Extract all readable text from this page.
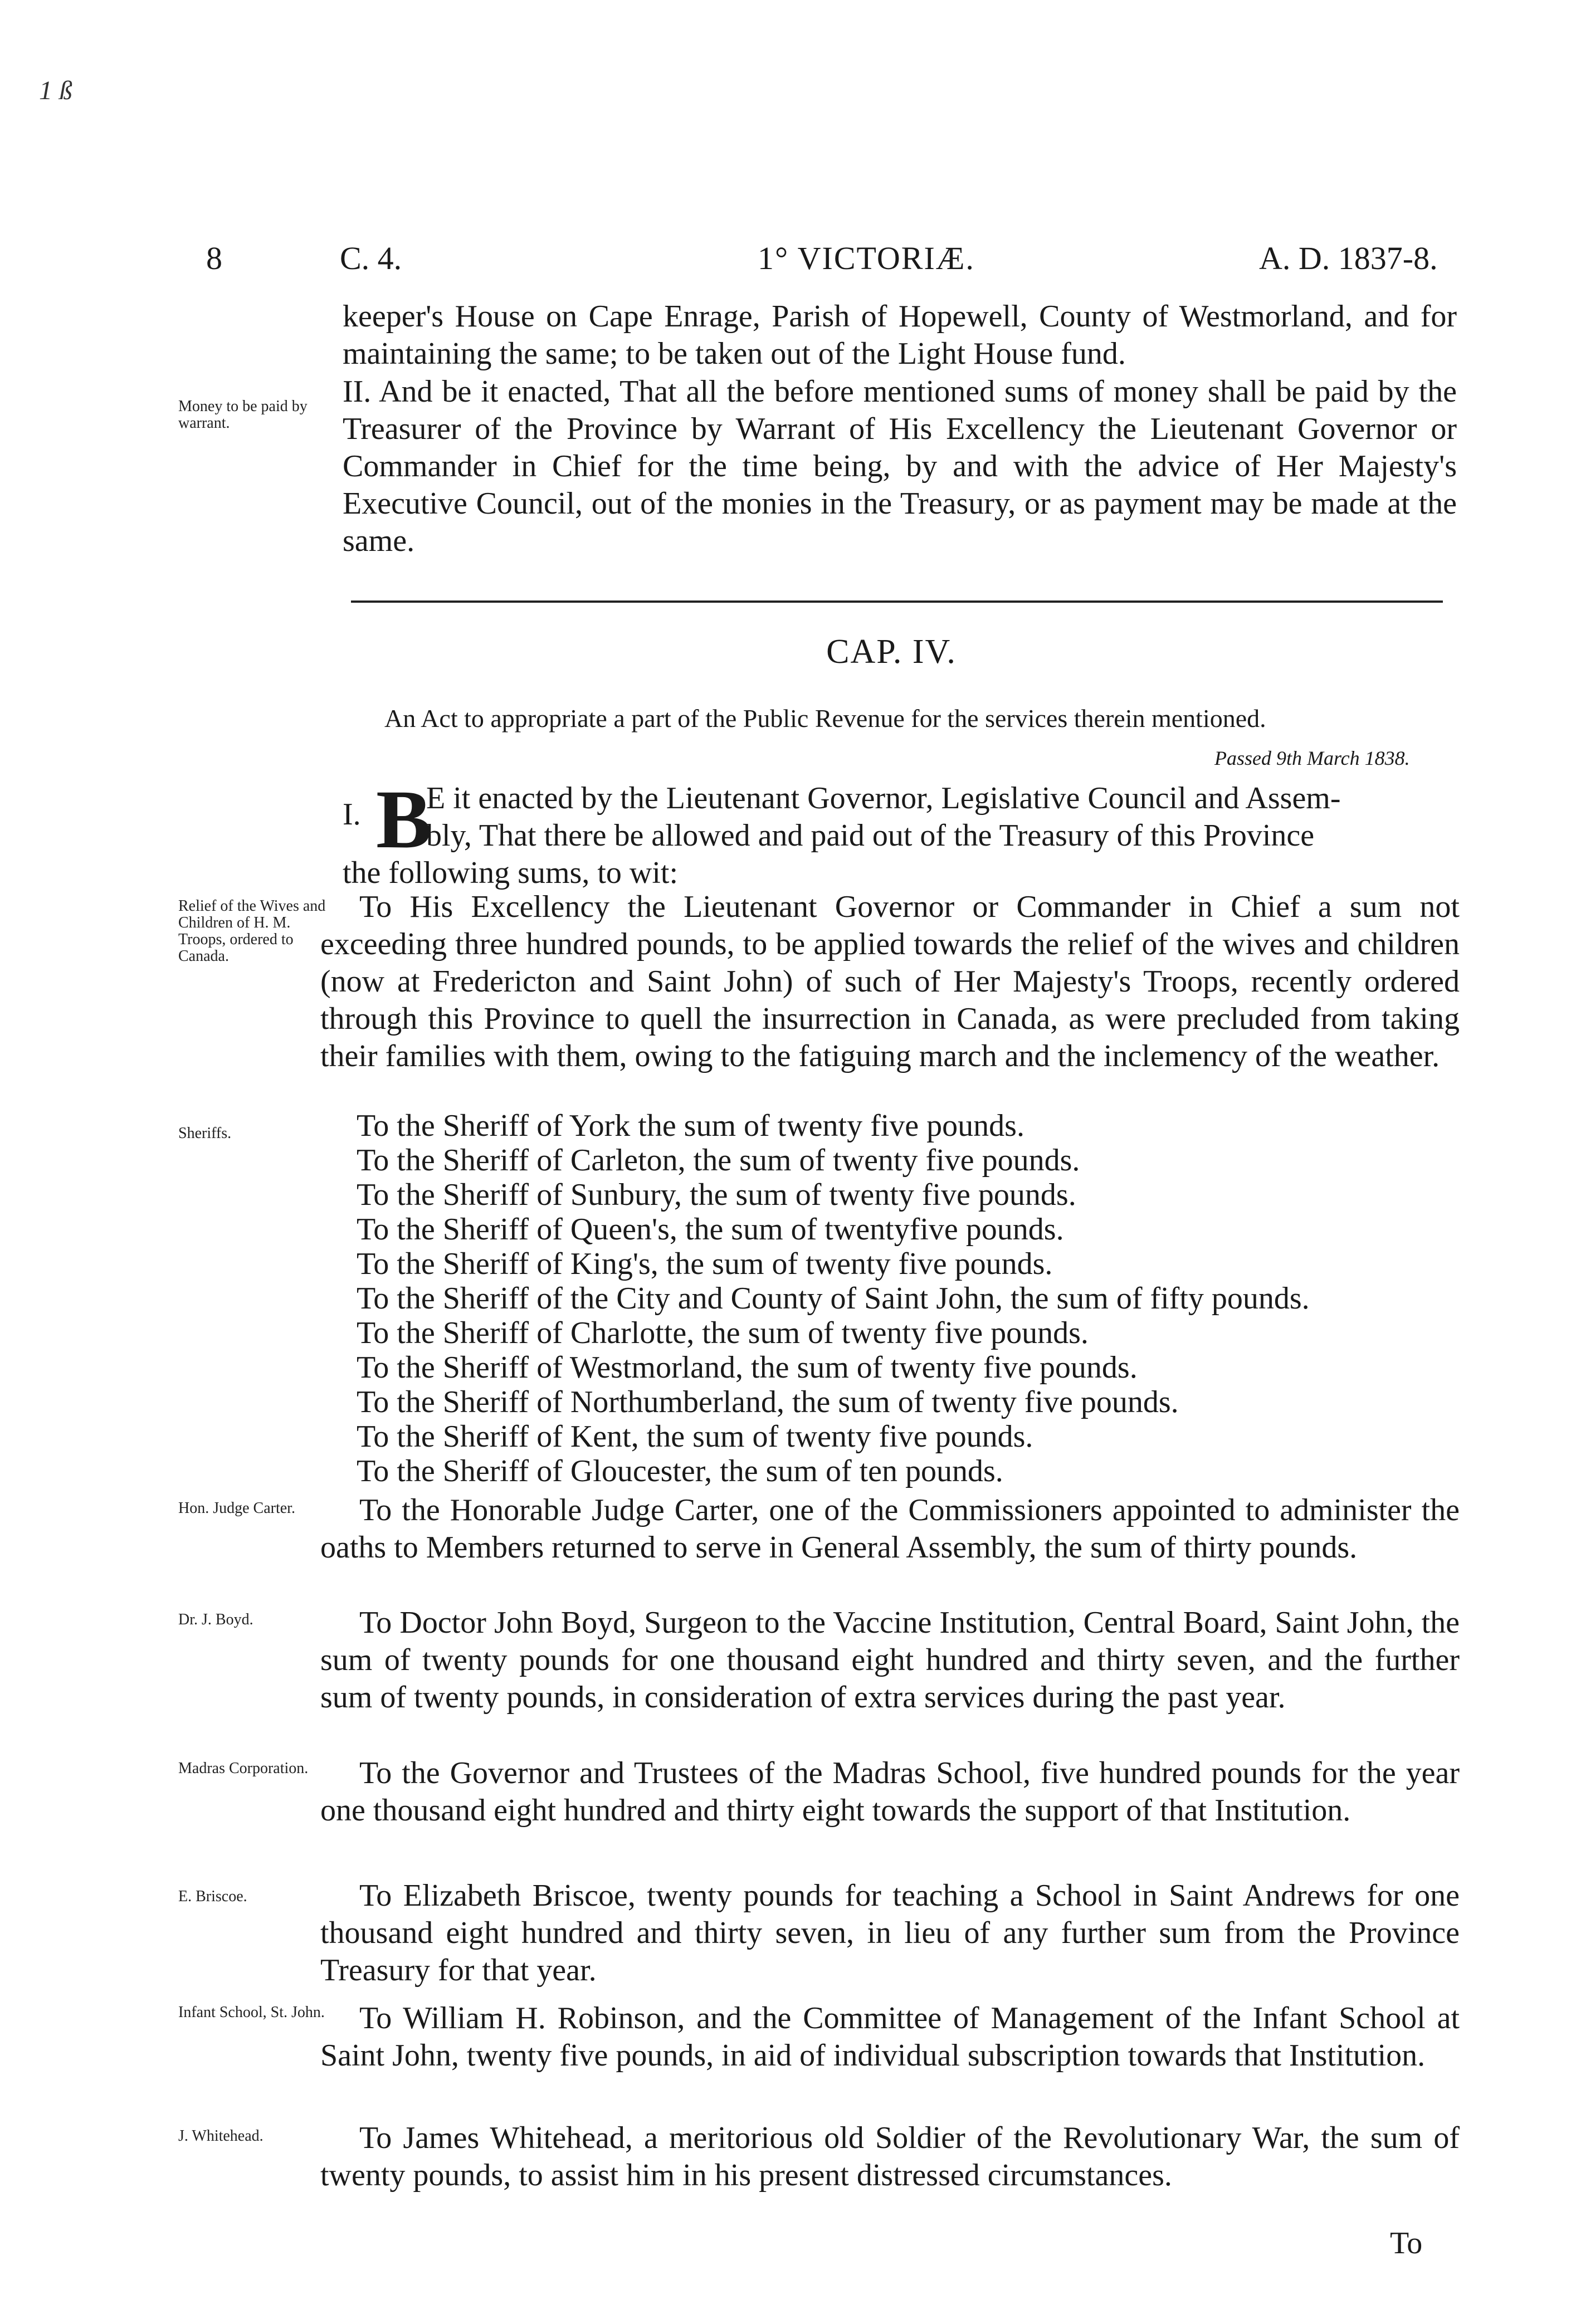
1 ß
8	C. 4.	1° VICTORIÆ.	A. D. 1837-8.

keeper's House on Cape Enrage, Parish of Hopewell, County of Westmorland, and for maintaining the same; to be taken out of the Light House fund.

Money to be paid by warrant.

II. And be it enacted, That all the before mentioned sums of money shall be paid by the Treasurer of the Province by Warrant of His Excellency the Lieutenant Governor or Commander in Chief for the time being, by and with the advice of Her Majesty's Executive Council, out of the monies in the Treasury, or as payment may be made at the same.

CAP. IV.
An Act to appropriate a part of the Public Revenue for the services therein mentioned.
Passed 9th March 1838.
I. B
E it enacted by the Lieutenant Governor, Legislative Council and Assem-
bly, That there be allowed and paid out of the Treasury of this Province
the following sums, to wit:
Relief of the Wives and Children of H. M. Troops, ordered to Canada.

To His Excellency the Lieutenant Governor or Commander in Chief a sum not exceeding three hundred pounds, to be applied towards the relief of the wives and children (now at Fredericton and Saint John) of such of Her Majesty's Troops, recently ordered through this Province to quell the insurrection in Canada, as were precluded from taking their families with them, owing to the fatiguing march and the inclemency of the weather.

Sheriffs.	To the Sheriff of York the sum of twenty five pounds.
To the Sheriff of Carleton, the sum of twenty five pounds.
To the Sheriff of Sunbury, the sum of twenty five pounds.
To the Sheriff of Queen's, the sum of twentyfive pounds.
To the Sheriff of King's, the sum of twenty five pounds.
To the Sheriff of the City and County of Saint John, the sum of fifty pounds.
To the Sheriff of Charlotte, the sum of twenty five pounds.
To the Sheriff of Westmorland, the sum of twenty five pounds.
To the Sheriff of Northumberland, the sum of twenty five pounds.
To the Sheriff of Kent, the sum of twenty five pounds.
To the Sheriff of Gloucester, the sum of ten pounds.
Hon. Judge Carter.	To the Honorable Judge Carter, one of the Commissioners appointed to administer the oaths to Members returned to serve in General Assembly, the sum of thirty pounds.

Dr. J. Boyd.	To Doctor John Boyd, Surgeon to the Vaccine Institution, Central Board, Saint John, the sum of twenty pounds for one thousand eight hundred and thirty seven, and the further sum of twenty pounds, in consideration of extra services during the past year.

Madras Corporation.	To the Governor and Trustees of the Madras School, five hundred pounds for the year one thousand eight hundred and thirty eight towards the support of that Institution.

E. Briscoe.	To Elizabeth Briscoe, twenty pounds for teaching a School in Saint Andrews for one thousand eight hundred and thirty seven, in lieu of any further sum from the Province Treasury for that year.

Infant School, St. John.	To William H. Robinson, and the Committee of Management of the Infant School at Saint John, twenty five pounds, in aid of individual subscription towards that Institution.

J. Whitehead.	To James Whitehead, a meritorious old Soldier of the Revolutionary War, the sum of twenty pounds, to assist him in his present distressed circumstances.

To
